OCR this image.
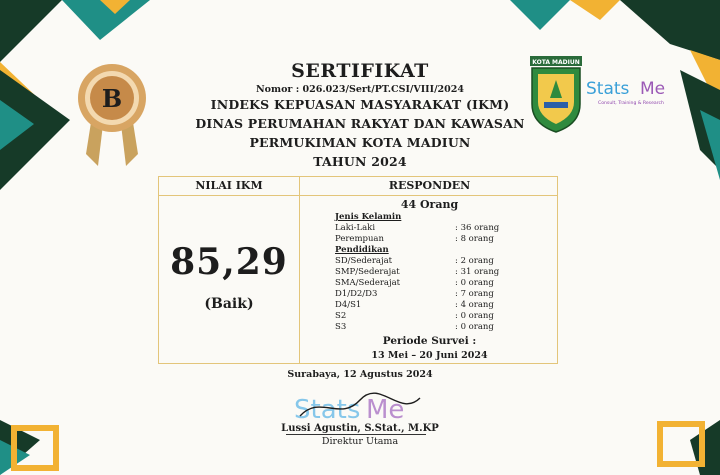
B
KOTA MADIUN
Stats Me
Consult, Training & Research
SERTIFIKAT
Nomor : 026.023/Sert/PT.CSI/VIII/2024
INDEKS KEPUASAN MASYARAKAT (IKM)
DINAS PERUMAHAN RAKYAT DAN KAWASAN
PERMUKIMAN KOTA MADIUN
TAHUN 2024
NILAI IKM	RESPONDEN
85,29
(Baik)
44 Orang
Jenis Kelamin
Laki-Laki	: 36 orang
Perempuan	: 8 orang
Pendidikan
SD/Sederajat	: 2 orang
SMP/Sederajat	: 31 orang
SMA/Sederajat	: 0 orang
D1/D2/D3	: 7 orang
D4/S1	: 4 orang
S2	: 0 orang
S3	: 0 orang
Periode Survei :
13 Mei – 20 Juni 2024
Surabaya, 12 Agustus 2024
Stats Me
Lussi Agustin, S.Stat., M.KP
Direktur Utama
